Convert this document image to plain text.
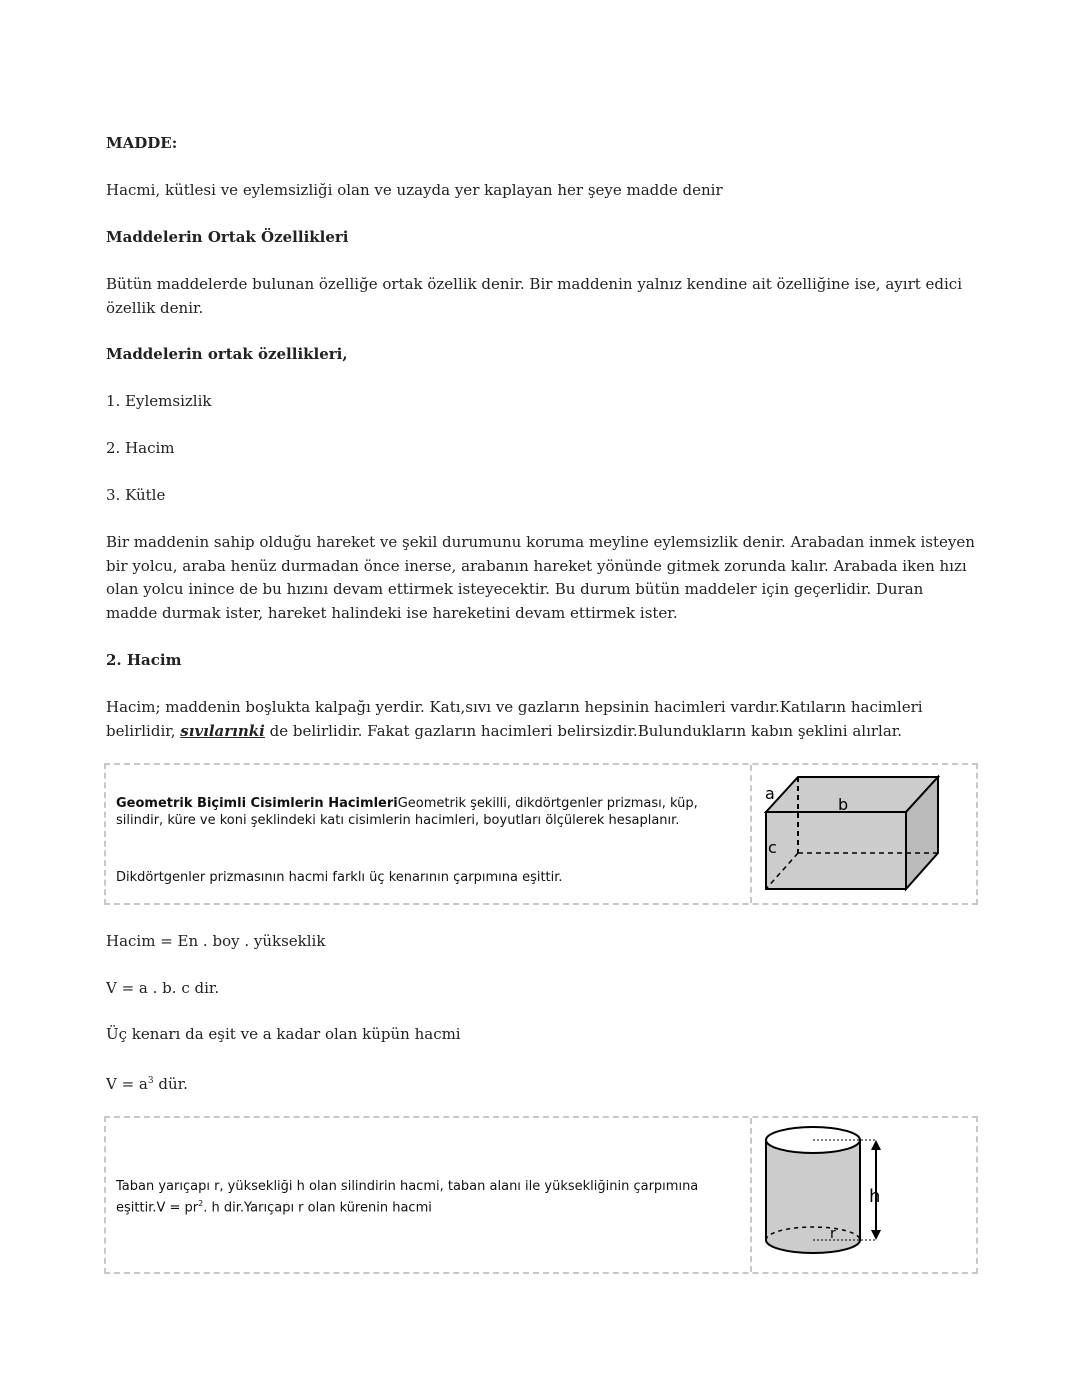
MADDE:

Hacmi, kütlesi ve eylemsizliği olan ve uzayda yer kaplayan her şeye madde denir

Maddelerin Ortak Özellikleri

Bütün maddelerde bulunan özelliğe ortak özellik denir. Bir maddenin yalnız kendine ait özelliğine ise, ayırt edici özellik denir.

Maddelerin ortak özellikleri,

1. Eylemsizlik

2. Hacim

3. Kütle

Bir maddenin sahip olduğu hareket ve şekil durumunu koruma meyline eylemsizlik denir. Arabadan inmek isteyen bir yolcu, araba henüz durmadan önce inerse, arabanın hareket yönünde gitmek zorunda kalır. Arabada iken hızı olan yolcu inince de bu hızını devam ettirmek isteyecektir. Bu durum bütün maddeler için geçerlidir. Duran madde durmak ister, hareket halindeki ise hareketini devam ettirmek ister.

2. Hacim

Hacim; maddenin boşlukta kalpağı yerdir. Katı,sıvı ve gazların hepsinin hacimleri vardır.Katıların hacimleri belirlidir, sıvılarınki de belirlidir. Fakat gazların hacimleri belirsizdir.Bulundukların kabın şeklini alırlar.

Geometrik Biçimli Cisimlerin HacimleriGeometrik şekilli, dikdörtgenler prizması, küp, silindir, küre ve koni şeklindeki katı cisimlerin hacimleri, boyutları ölçülerek hesaplanır.
Dikdörtgenler prizmasının hacmi farklı üç kenarının çarpımına eşittir.
a
b
c

Hacim = En . boy . yükseklik

V = a . b. c dir.

Üç kenarı da eşit ve a kadar olan küpün hacmi

$V = a^3$ dür.

Taban yarıçapı r, yüksekliği h olan silindirin hacmi, taban alanı ile yüksekliğinin çarpımına eşittir.V = $pr^2$. h dir.Yarıçapı r olan kürenin hacmi
h
r
